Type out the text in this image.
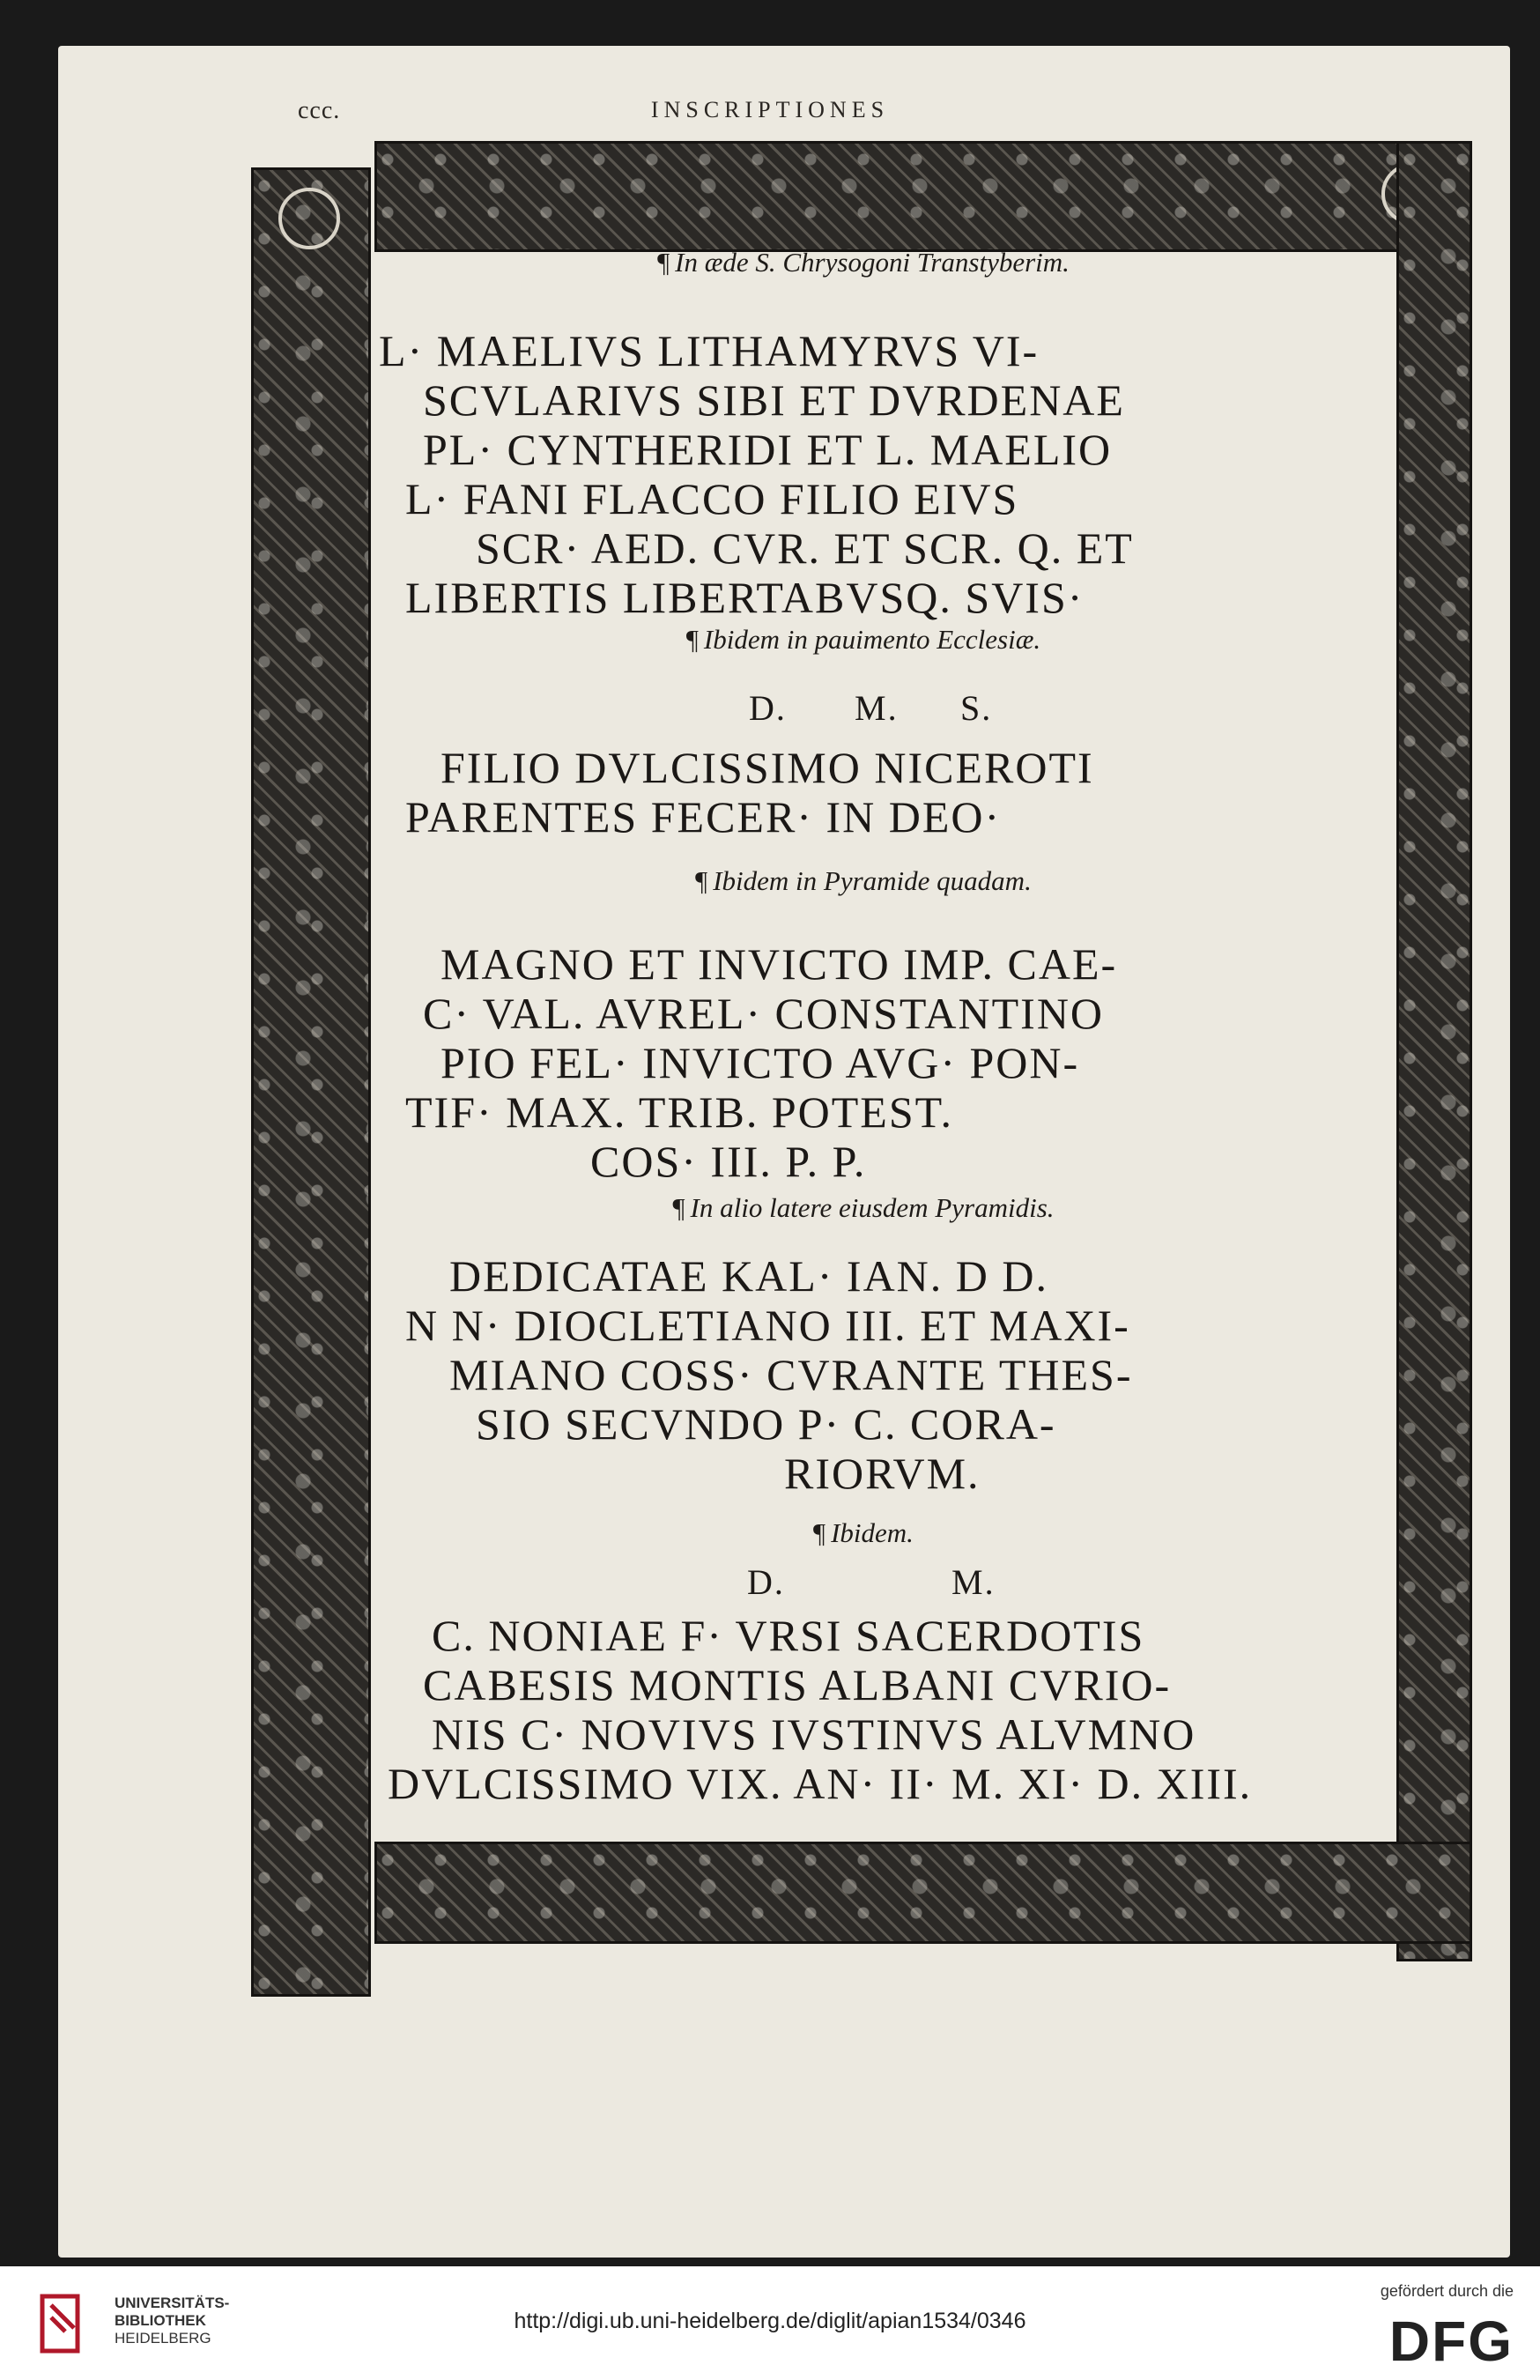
ccc.	INSCRIPTIONES
¶ In æde S. Chrysogoni Transtyberim.
L· MAELIVS LITHAMYRVS VI-
SCVLARIVS SIBI ET DVRDENAE
PL· CYNTHERIDI ET L. MAELIO
L· FANI FLACCO FILIO EIVS
SCR· AED. CVR. ET SCR. Q. ET
LIBERTIS LIBERTABVSQ. SVIS·
¶ Ibidem in pauimento Ecclesiæ.
D. M. S.
FILIO DVLCISSIMO NICEROTI
PARENTES FECER· IN DEO·
¶ Ibidem in Pyramide quadam.
MAGNO ET INVICTO IMP. CAE-
C· VAL. AVREL· CONSTANTINO
PIO FEL· INVICTO AVG· PON-
TIF· MAX. TRIB. POTEST.
COS· III. P. P.
¶ In alio latere eiusdem Pyramidis.
DEDICATAE KAL· IAN. D D.
N N· DIOCLETIANO III. ET MAXI-
MIANO COSS· CVRANTE THES-
SIO SECVNDO P· C. CORA-
RIORVM.
¶ Ibidem.
D.	M.
C. NONIAE F· VRSI SACERDOTIS
CABESIS MONTIS ALBANI CVRIO-
NIS C· NOVIVS IVSTINVS ALVMNO
DVLCISSIMO VIX. AN· II· M. XI· D. XIII.
UNIVERSITÄTS-
BIBLIOTHEK
HEIDELBERG
http://digi.ub.uni-heidelberg.de/diglit/apian1534/0346
gefördert durch die
DFG
